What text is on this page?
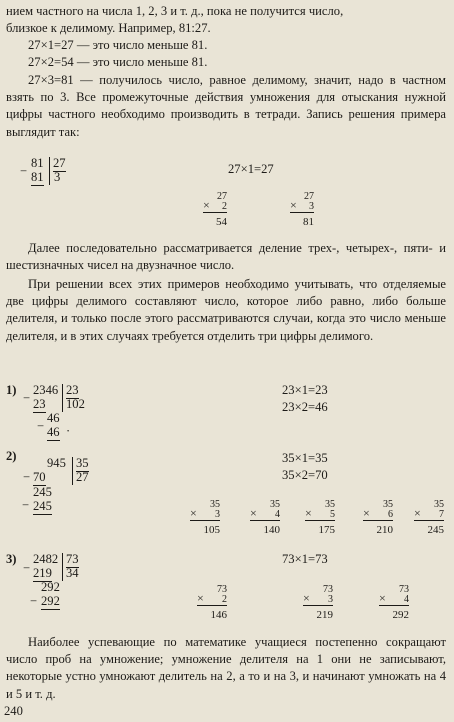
нием частного на числа 1, 2, 3 и т. д., пока не получится число,
близкое к делимому. Например, 81:27.
27×1=27 — это число меньше 81.
27×2=54 — это число меньше 81.

27×3=81 — получилось число, равное делимому, значит, надо в частном взять по 3. Все промежуточные действия умножения для отыскания нужной цифры частного необходимо производить в тетради. Запись решения примера выглядит так:

−
81
81
27
3
27×1=27
×
27
2
54
×
27
3
81

Далее последовательно рассматривается деление трех-, четырех-, пяти- и шестизначных чисел на двузначное число.

При решении всех этих примеров необходимо учитывать, что отделяемые две цифры делимого составляют число, которое либо равно, либо больше делителя, и только после этого рассматриваются случаи, когда это число меньше делителя, и в этих случаях требуется отделить три цифры делимого.

1)
−
2346
23
23
102
−
46
46 ·
23×1=23
23×2=46
2)
−
945
70
35
27
−
245
245
35×1=35
35×2=70
×
35
3
105
×
35
4
140
×
35
5
175
×
35
6
210
×
35
7
245
3)
−
2482
219
73
34
−
292
292
73×1=73
×
73
2
146
×
73
3
219
×
73
4
292

Наиболее успевающие по математике учащиеся постепенно сокращают число проб на умножение; умножение делителя на 1 они не записывают, некоторые устно умножают делитель на 2, а то и на 3, и начинают умножать на 4 и 5 и т. д.

240
